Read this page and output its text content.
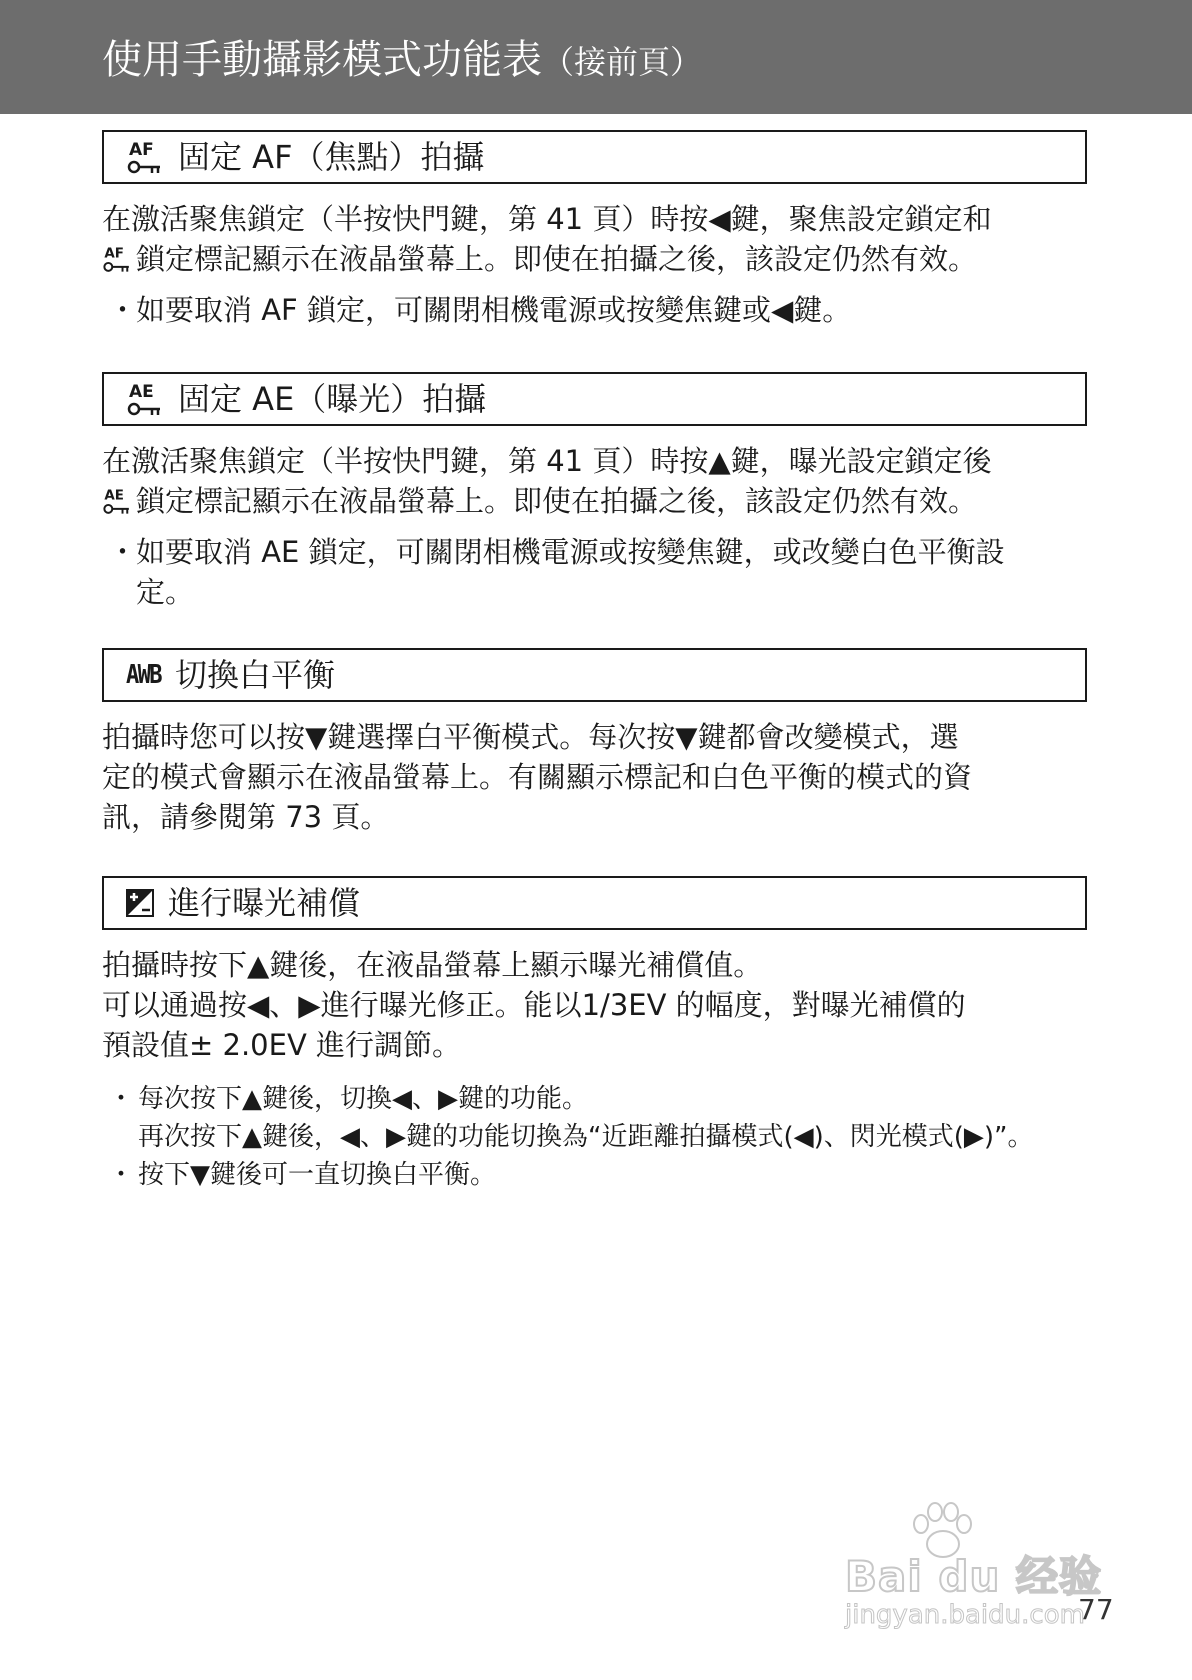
使用手動攝影模式功能表（接前頁）
AF 固定 AF（焦點）拍攝
在激活聚焦鎖定（半按快門鍵，第 41 頁）時按◀鍵，聚焦設定鎖定和
AF 鎖定標記顯示在液晶螢幕上。即使在拍攝之後，該設定仍然有效。
・如要取消 AF 鎖定，可關閉相機電源或按變焦鍵或◀鍵。
AE 固定 AE（曝光）拍攝
在激活聚焦鎖定（半按快門鍵，第 41 頁）時按▲鍵，曝光設定鎖定後
AE 鎖定標記顯示在液晶螢幕上。即使在拍攝之後，該設定仍然有效。
・如要取消 AE 鎖定，可關閉相機電源或按變焦鍵，或改變白色平衡設
定。
AWB 切換白平衡
拍攝時您可以按▼鍵選擇白平衡模式。每次按▼鍵都會改變模式，選
定的模式會顯示在液晶螢幕上。有關顯示標記和白色平衡的模式的資
訊，請參閱第 73 頁。
進行曝光補償
拍攝時按下▲鍵後，在液晶螢幕上顯示曝光補償值。
可以通過按◀、▶進行曝光修正。能以1/3EV 的幅度，對曝光補償的
預設值± 2.0EV 進行調節。
・ 每次按下▲鍵後，切換◀、▶鍵的功能。
再次按下▲鍵後，◀、▶鍵的功能切換為“近距離拍攝模式(◀)、閃光模式(▶)”。
・ 按下▼鍵後可一直切換白平衡。
Bai du 经验
jingyan.baidu.com
77
